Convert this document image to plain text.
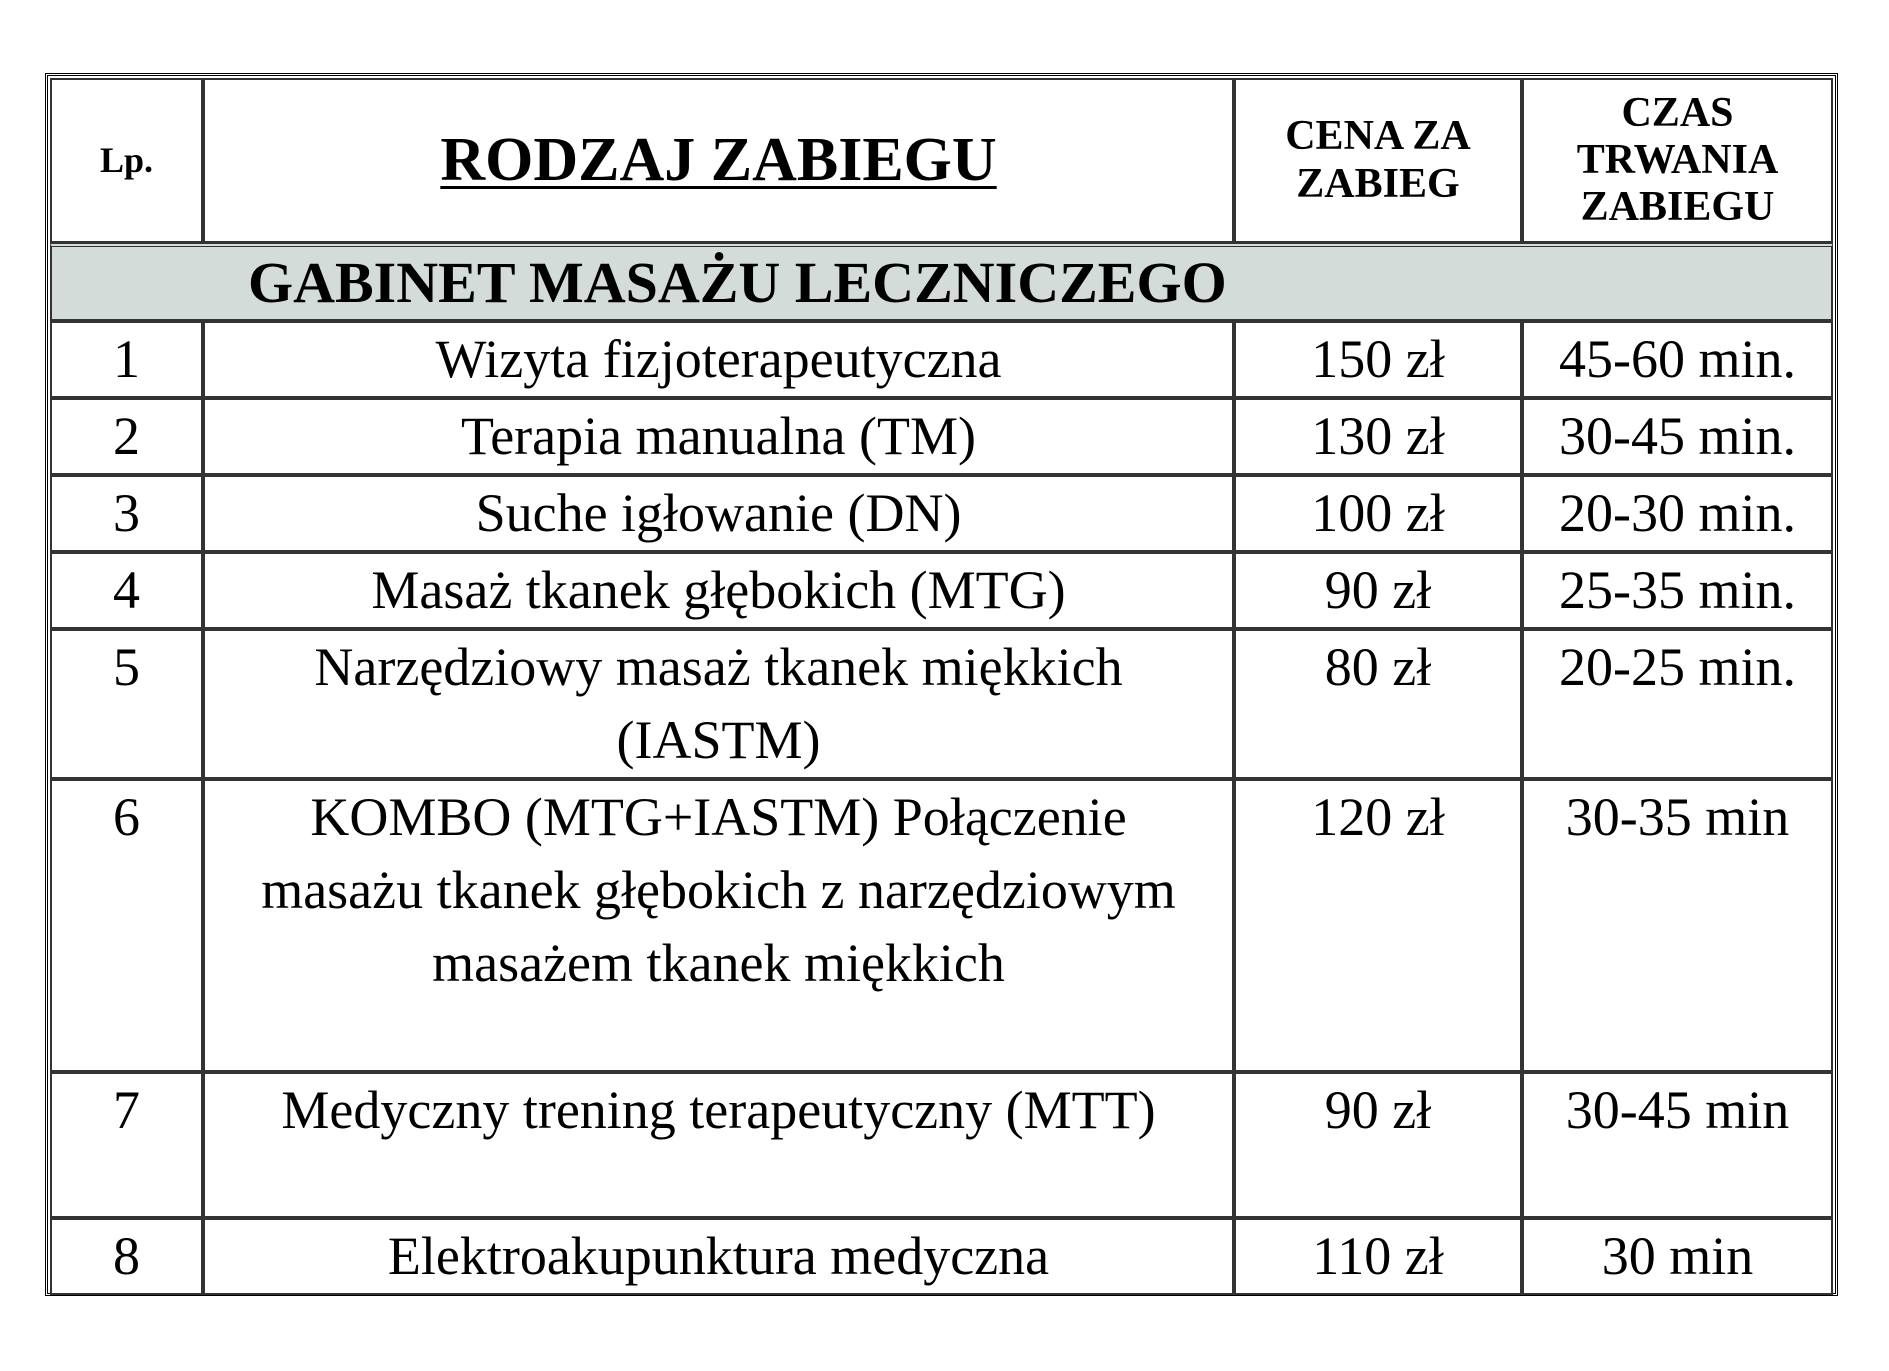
Lp.	RODZAJ ZABIEGU	CENA ZA ZABIEG	CZAS TRWANIA ZABIEGU

GABINET MASAŻU LECZNICZEGO			
1	Wizyta fizjoterapeutyczna	150 zł	45-60 min.
2	Terapia manualna (TM)	130 zł	30-45 min.
3	Suche igłowanie (DN)	100 zł	20-30 min.
4	Masaż tkanek głębokich (MTG)	90 zł	25-35 min.
5	Narzędziowy masaż tkanek miękkich (IASTM)	80 zł	20-25 min.
6	KOMBO (MTG+IASTM) Połączenie masażu tkanek głębokich z narzędziowym masażem tkanek miękkich	120 zł	30-35 min
7	Medyczny trening terapeutyczny (MTT)	90 zł	30-45 min
8	Elektroakupunktura medyczna	110 zł	30 min
